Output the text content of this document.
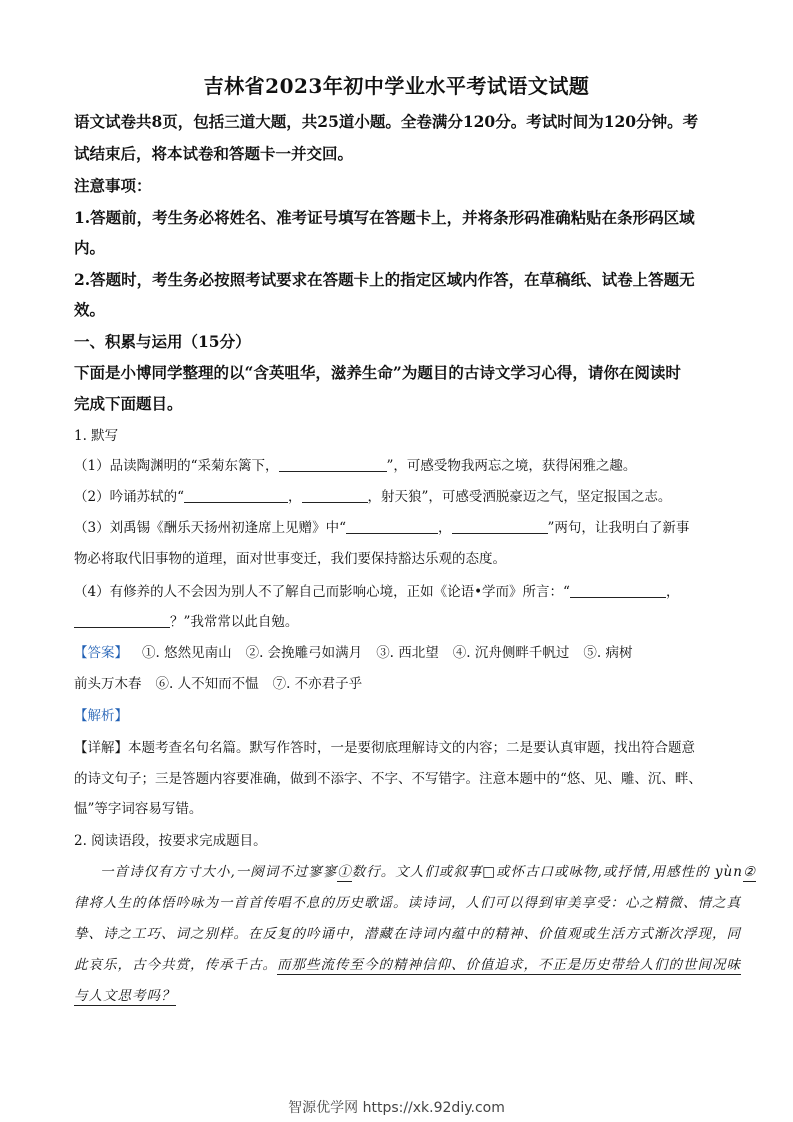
吉林省2023年初中学业水平考试语文试题
语文试卷共8页，包括三道大题，共25道小题。全卷满分120分。考试时间为120分钟。考
试结束后，将本试卷和答题卡一并交回。
注意事项：
1.答题前，考生务必将姓名、准考证号填写在答题卡上，并将条形码准确粘贴在条形码区域
内。
2.答题时，考生务必按照考试要求在答题卡上的指定区域内作答，在草稿纸、试卷上答题无
效。
一、积累与运用（15分）
下面是小博同学整理的以“含英咀华，滋养生命”为题目的古诗文学习心得，请你在阅读时
完成下面题目。
1. 默写
（1）品读陶渊明的“采菊东篱下，	”，可感受物我两忘之境，获得闲雅之趣。
（2）吟诵苏轼的“	，	，射天狼”，可感受洒脱豪迈之气，坚定报国之志。
（3）刘禹锡《酬乐天扬州初逢席上见赠》中“	，	”两句，让我明白了新事
物必将取代旧事物的道理，面对世事变迁，我们要保持豁达乐观的态度。
（4）有修养的人不会因为别人不了解自己而影响心境，正如《论语•学而》所言：“	，
？”我常常以此自勉。
【答案】 ①. 悠然见南山 ②. 会挽雕弓如满月 ③. 西北望 ④. 沉舟侧畔千帆过 ⑤. 病树
前头万木春 ⑥. 人不知而不愠 ⑦. 不亦君子乎
【解析】
【详解】本题考查名句名篇。默写作答时，一是要彻底理解诗文的内容；二是要认真审题，找出符合题意
的诗文句子；三是答题内容要准确，做到不添字、不字、不写错字。注意本题中的“悠、见、雕、沉、畔、
愠”等字词容易写错。
2. 阅读语段，按要求完成题目。
一首诗仅有方寸大小,一阕词不过寥寥①数行。文人们或叙事□或怀古口或咏物,或抒情,用感性的 yùn②
律将人生的体悟吟咏为一首首传唱不息的历史歌谣。读诗词，人们可以得到审美享受：心之精微、情之真
挚、诗之工巧、词之别样。在反复的吟诵中，潜藏在诗词内蕴中的精神、价值观或生活方式渐次浮现，同
此哀乐，古今共赏，传承千古。而那些流传至今的精神信仰、价值追求，不正是历史带给人们的世间况味
与人文思考吗？
智源优学网 https://xk.92diy.com
